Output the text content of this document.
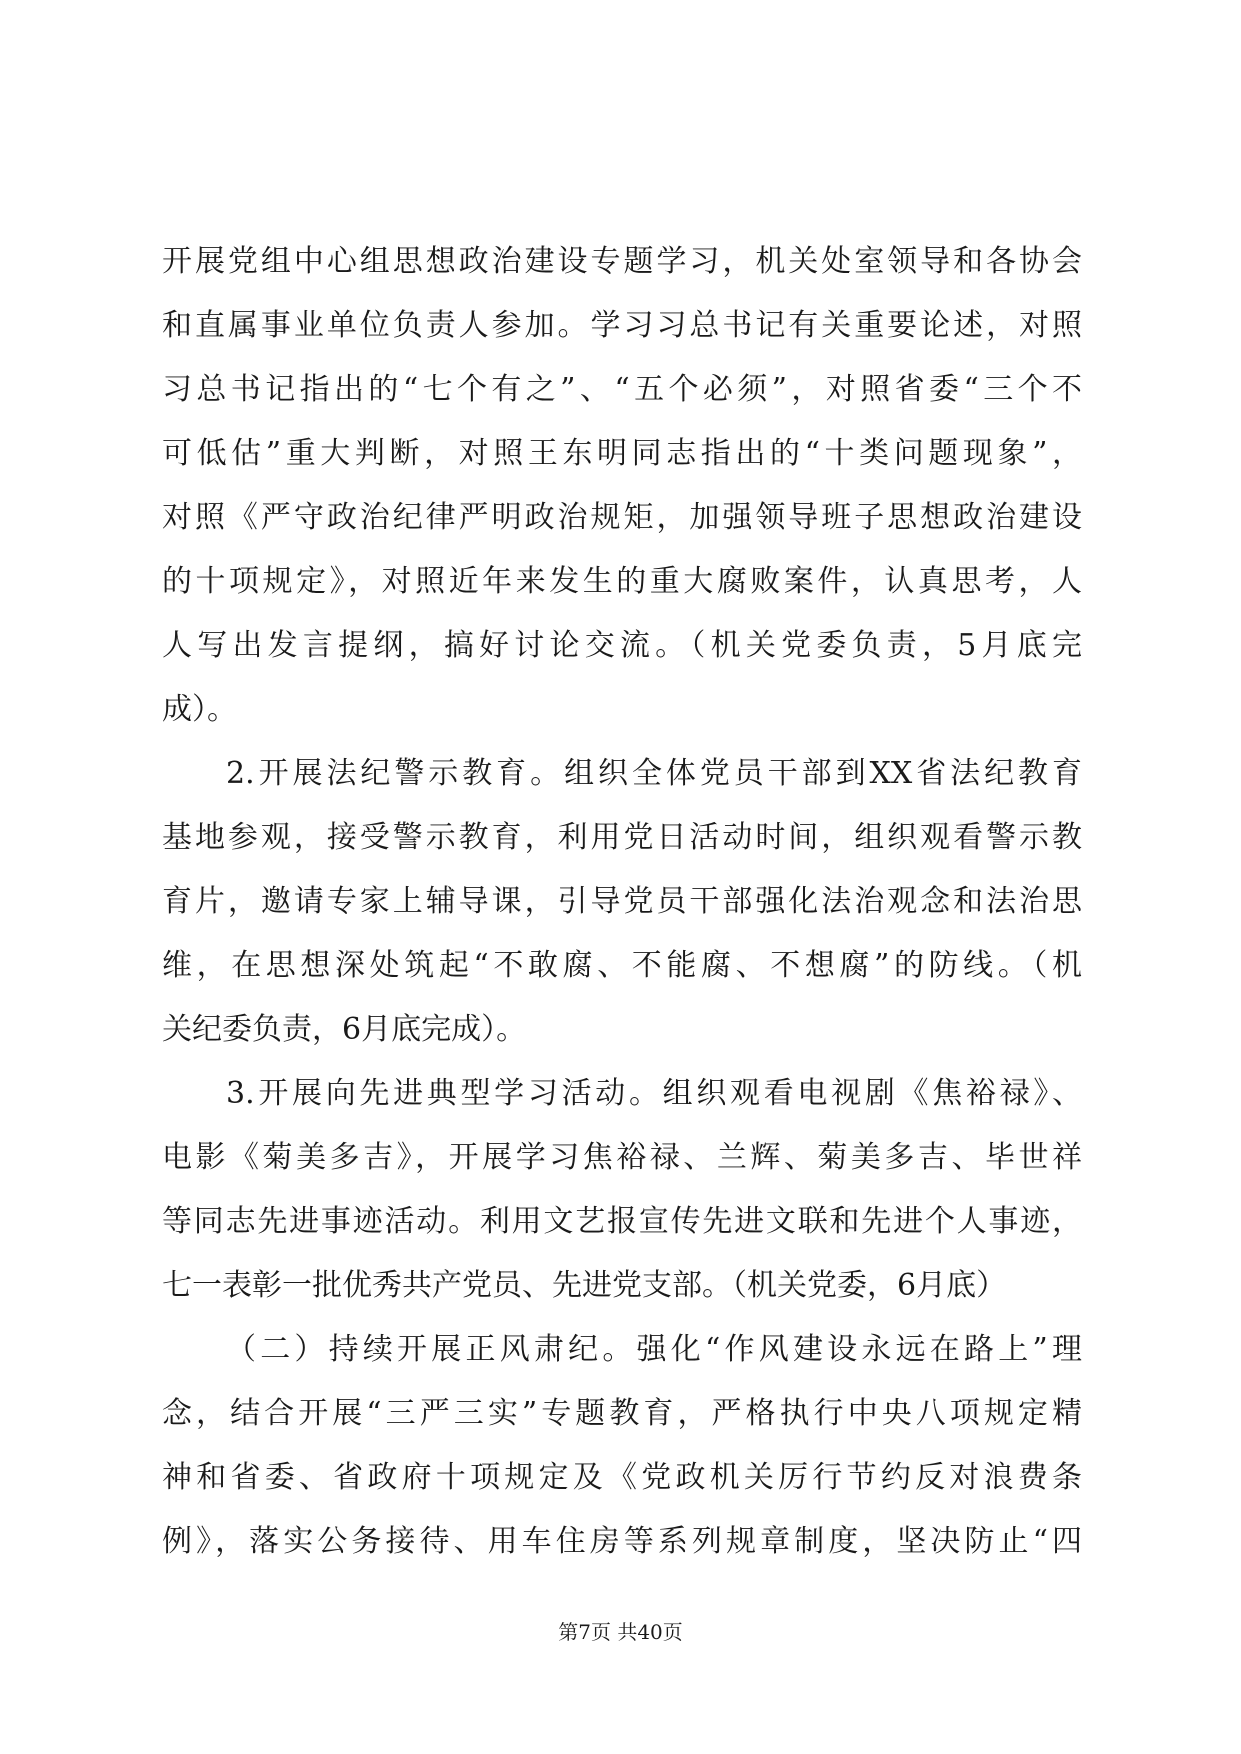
开展党组中心组思想政治建设专题学习，机关处室领导和各协会
和直属事业单位负责人参加。学习习总书记有关重要论述，对照
习总书记指出的“七个有之”、“五个必须”，对照省委“三个不
可低估”重大判断，对照王东明同志指出的“十类问题现象”，
对照《严守政治纪律严明政治规矩，加强领导班子思想政治建设
的十项规定》，对照近年来发生的重大腐败案件，认真思考，人
人写出发言提纲，搞好讨论交流。（机关党委负责，5月底完
成）。
2.开展法纪警示教育。组织全体党员干部到XX省法纪教育
基地参观，接受警示教育，利用党日活动时间，组织观看警示教
育片，邀请专家上辅导课，引导党员干部强化法治观念和法治思
维，在思想深处筑起“不敢腐、不能腐、不想腐”的防线。（机
关纪委负责，6月底完成）。
3.开展向先进典型学习活动。组织观看电视剧《焦裕禄》、
电影《菊美多吉》，开展学习焦裕禄、兰辉、菊美多吉、毕世祥
等同志先进事迹活动。利用文艺报宣传先进文联和先进个人事迹，
七一表彰一批优秀共产党员、先进党支部。（机关党委，6月底）
（二）持续开展正风肃纪。强化“作风建设永远在路上”理
念，结合开展“三严三实”专题教育，严格执行中央八项规定精
神和省委、省政府十项规定及《党政机关厉行节约反对浪费条
例》，落实公务接待、用车住房等系列规章制度，坚决防止“四
第7页 共40页
